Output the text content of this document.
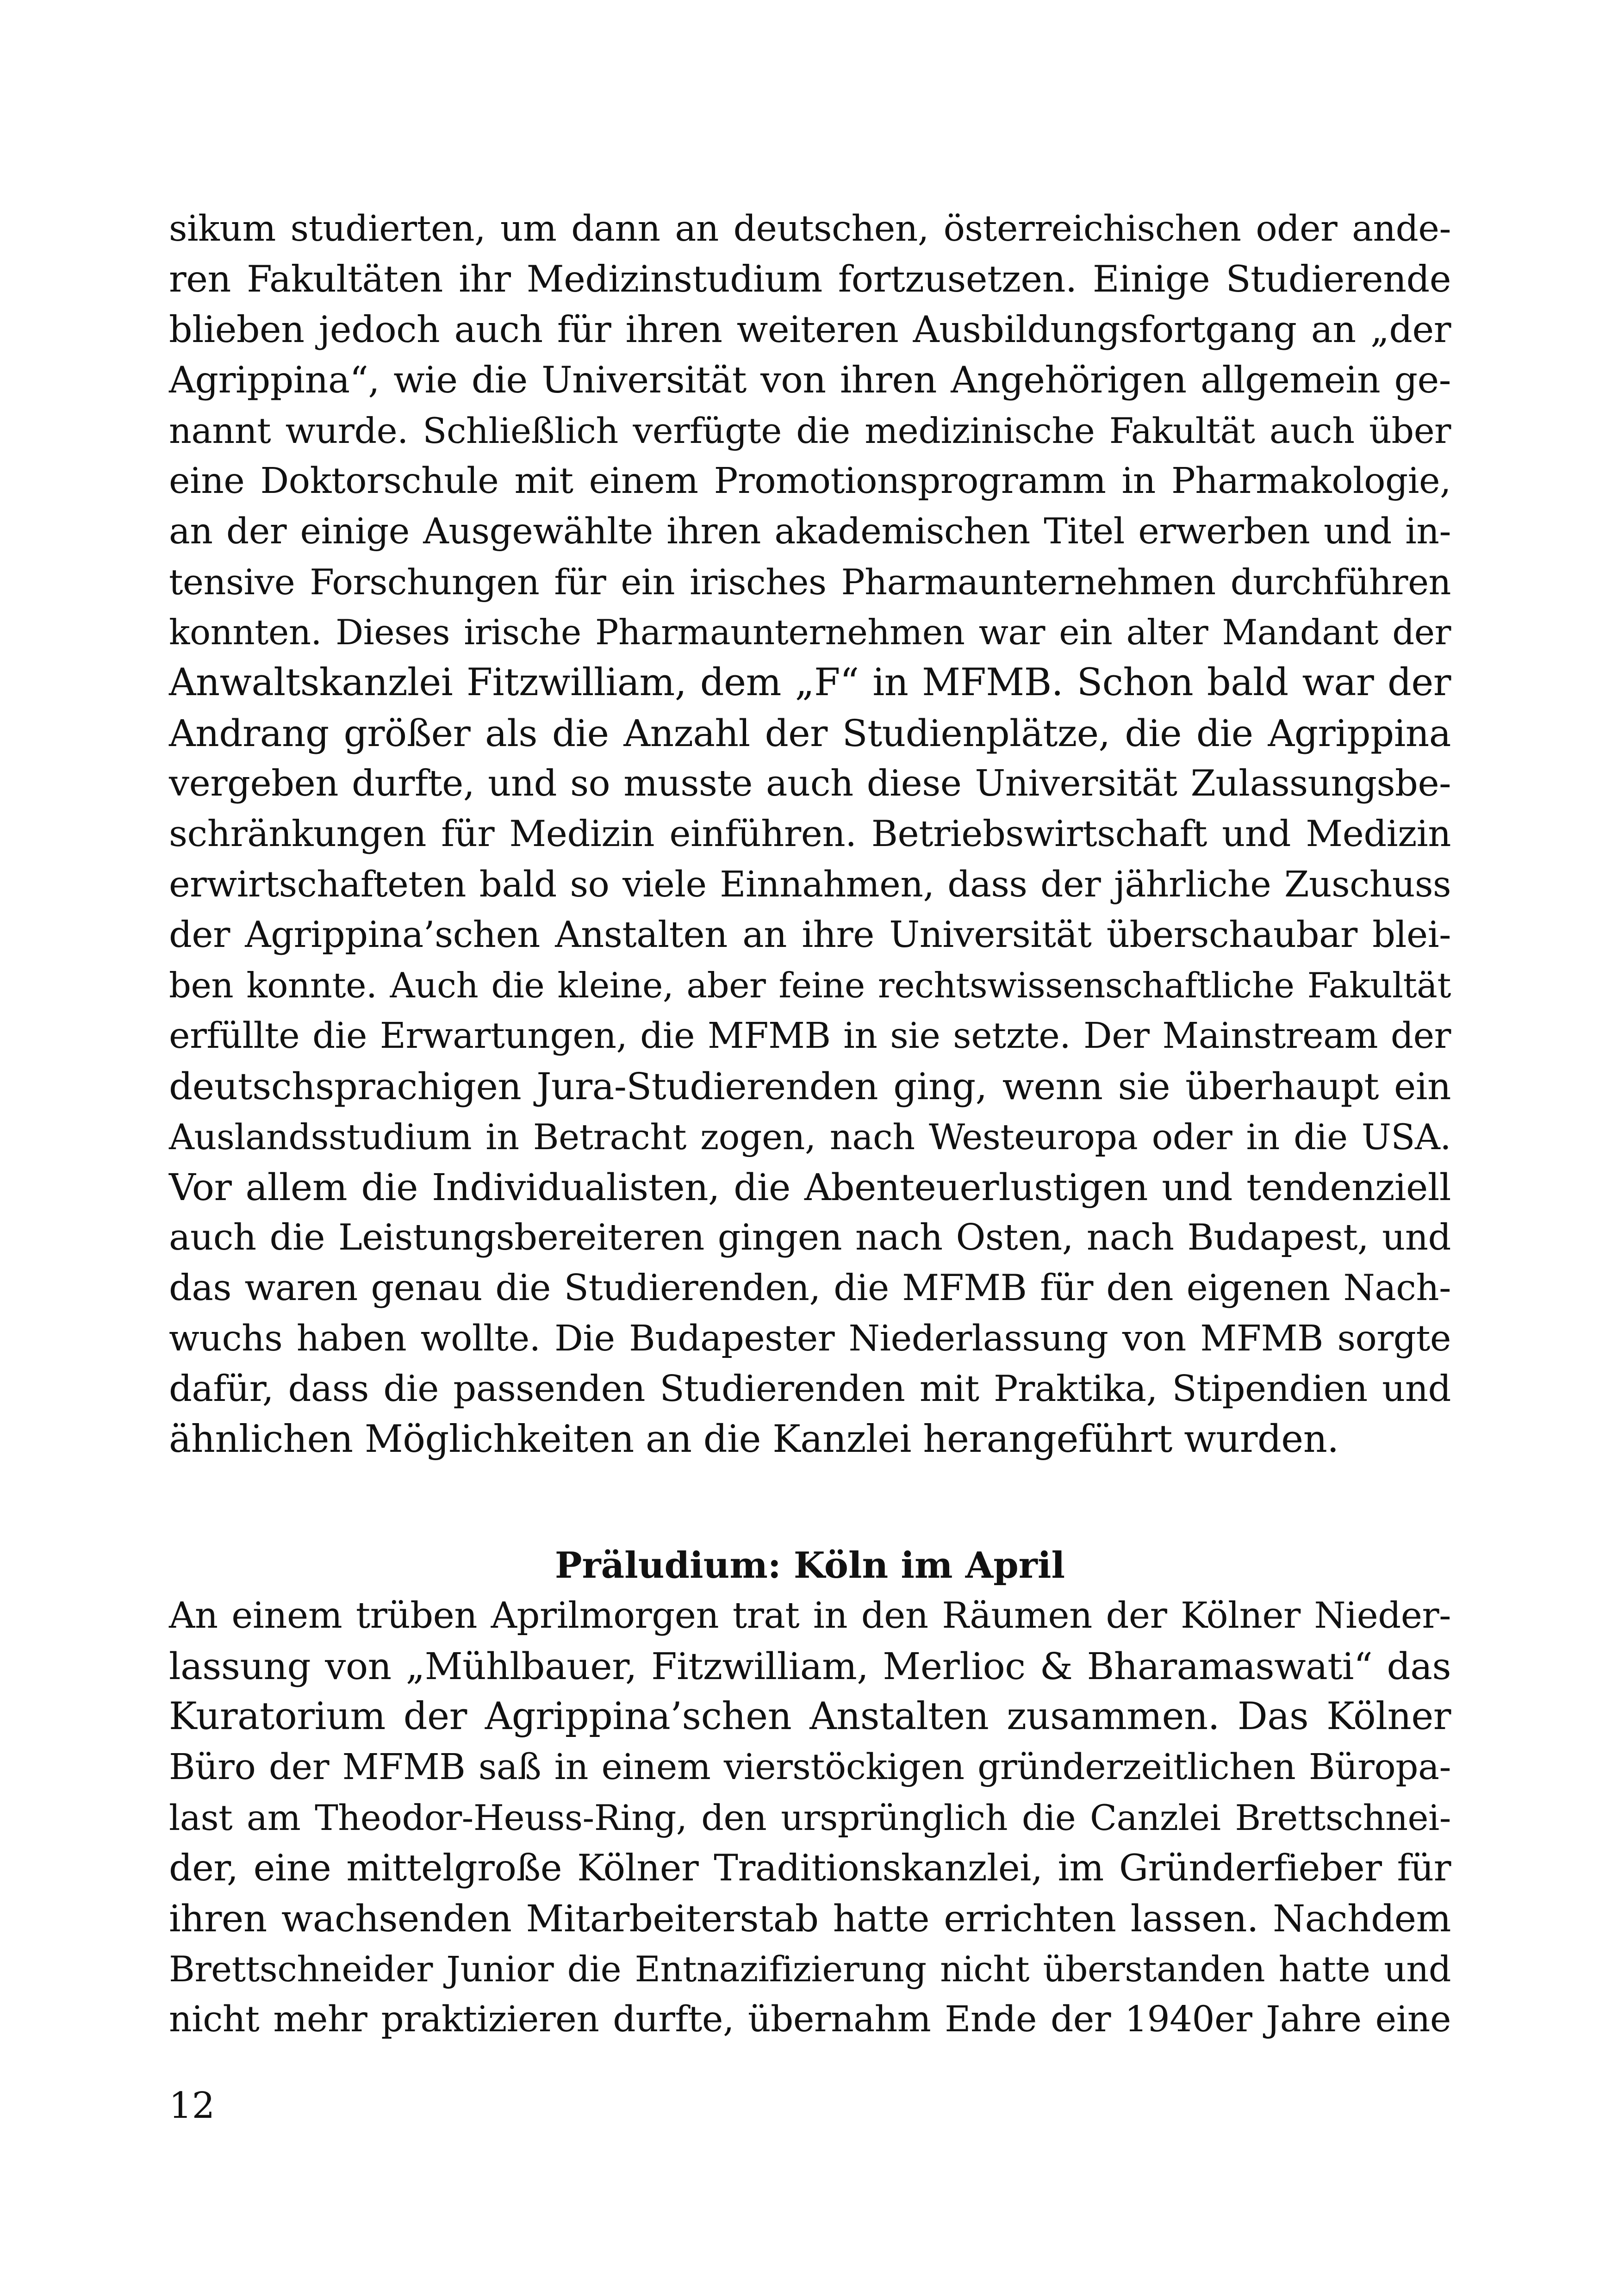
sikum studierten, um dann an deutschen, österreichischen oder ande-
ren Fakultäten ihr Medizinstudium fortzusetzen. Einige Studierende
blieben jedoch auch für ihren weiteren Ausbildungsfortgang an „der
Agrippina“, wie die Universität von ihren Angehörigen allgemein ge-
nannt wurde. Schließlich verfügte die medizinische Fakultät auch über
eine Doktorschule mit einem Promotionsprogramm in Pharmakologie,
an der einige Ausgewählte ihren akademischen Titel erwerben und in-
tensive Forschungen für ein irisches Pharmaunternehmen durchführen
konnten. Dieses irische Pharmaunternehmen war ein alter Mandant der
Anwaltskanzlei Fitzwilliam, dem „F“ in MFMB. Schon bald war der
Andrang größer als die Anzahl der Studienplätze, die die Agrippina
vergeben durfte, und so musste auch diese Universität Zulassungsbe-
schränkungen für Medizin einführen. Betriebswirtschaft und Medizin
erwirtschafteten bald so viele Einnahmen, dass der jährliche Zuschuss
der Agrippina’schen Anstalten an ihre Universität überschaubar blei-
ben konnte. Auch die kleine, aber feine rechtswissenschaftliche Fakultät
erfüllte die Erwartungen, die MFMB in sie setzte. Der Mainstream der
deutschsprachigen Jura-Studierenden ging, wenn sie überhaupt ein
Auslandsstudium in Betracht zogen, nach Westeuropa oder in die USA.
Vor allem die Individualisten, die Abenteuerlustigen und tendenziell
auch die Leistungsbereiteren gingen nach Osten, nach Budapest, und
das waren genau die Studierenden, die MFMB für den eigenen Nach-
wuchs haben wollte. Die Budapester Niederlassung von MFMB sorgte
dafür, dass die passenden Studierenden mit Praktika, Stipendien und
ähnlichen Möglichkeiten an die Kanzlei herangeführt wurden.
Präludium: Köln im April
An einem trüben Aprilmorgen trat in den Räumen der Kölner Nieder-
lassung von „Mühlbauer, Fitzwilliam, Merlioc & Bharamaswati“ das
Kuratorium der Agrippina’schen Anstalten zusammen. Das Kölner
Büro der MFMB saß in einem vierstöckigen gründerzeitlichen Büropa-
last am Theodor-Heuss-Ring, den ursprünglich die Canzlei Brettschnei-
der, eine mittelgroße Kölner Traditionskanzlei, im Gründerfieber für
ihren wachsenden Mitarbeiterstab hatte errichten lassen. Nachdem
Brettschneider Junior die Entnazifizierung nicht überstanden hatte und
nicht mehr praktizieren durfte, übernahm Ende der 1940er Jahre eine
12
